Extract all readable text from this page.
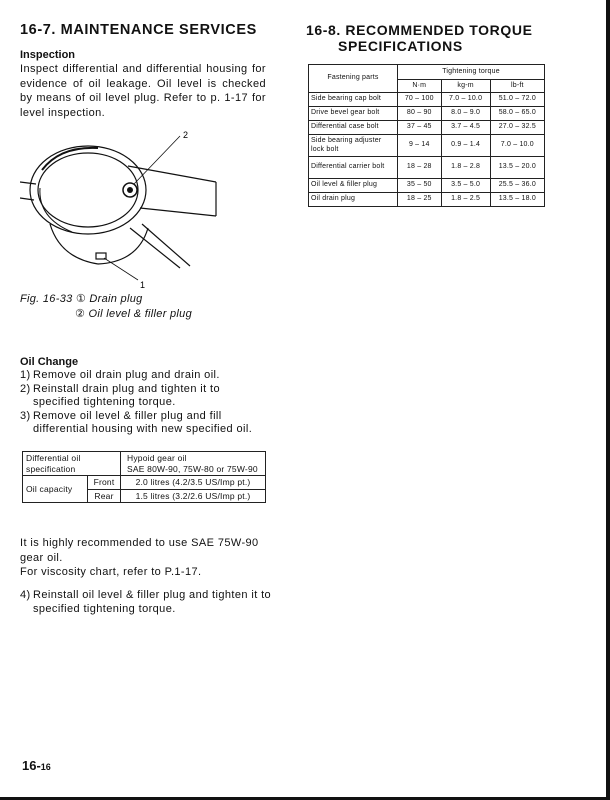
16-7. MAINTENANCE SERVICES
Inspection
Inspect differential and differential housing for evidence of oil leakage. Oil level is checked by means of oil level plug. Refer to p. 1-17 for level inspection.
2
1
Fig. 16-33 ① Drain plug
② Oil level & filler plug
Oil Change
1) Remove oil drain plug and drain oil.
2) Reinstall drain plug and tighten it to specified tightening torque.
3) Remove oil level & filler plug and fill differential housing with new specified oil.
Differential oil specification		Hypoid gear oil
SAE 80W-90, 75W-80 or 75W-90
Oil capacity	Front	2.0 litres (4.2/3.5 US/Imp pt.)
	Rear	1.5 litres (3.2/2.6 US/Imp pt.)
It is highly recommended to use SAE 75W-90 gear oil.
For viscosity chart, refer to P.1-17.
4) Reinstall oil level & filler plug and tighten it to specified tightening torque.
16-16
16-8. RECOMMENDED TORQUE
SPECIFICATIONS
Fastening parts	Tightening torque		
	N·m	kg-m	lb-ft
Side bearing cap bolt	70 – 100	7.0 – 10.0	51.0 – 72.0
Drive bevel gear bolt	80 – 90	8.0 – 9.0	58.0 – 65.0
Differential case bolt	37 – 45	3.7 – 4.5	27.0 – 32.5
Side bearing adjuster lock bolt	9 – 14	0.9 – 1.4	7.0 – 10.0
Differential carrier bolt	18 – 28	1.8 – 2.8	13.5 – 20.0
Oil level & filler plug	35 – 50	3.5 – 5.0	25.5 – 36.0
Oil drain plug	18 – 25	1.8 – 2.5	13.5 – 18.0
